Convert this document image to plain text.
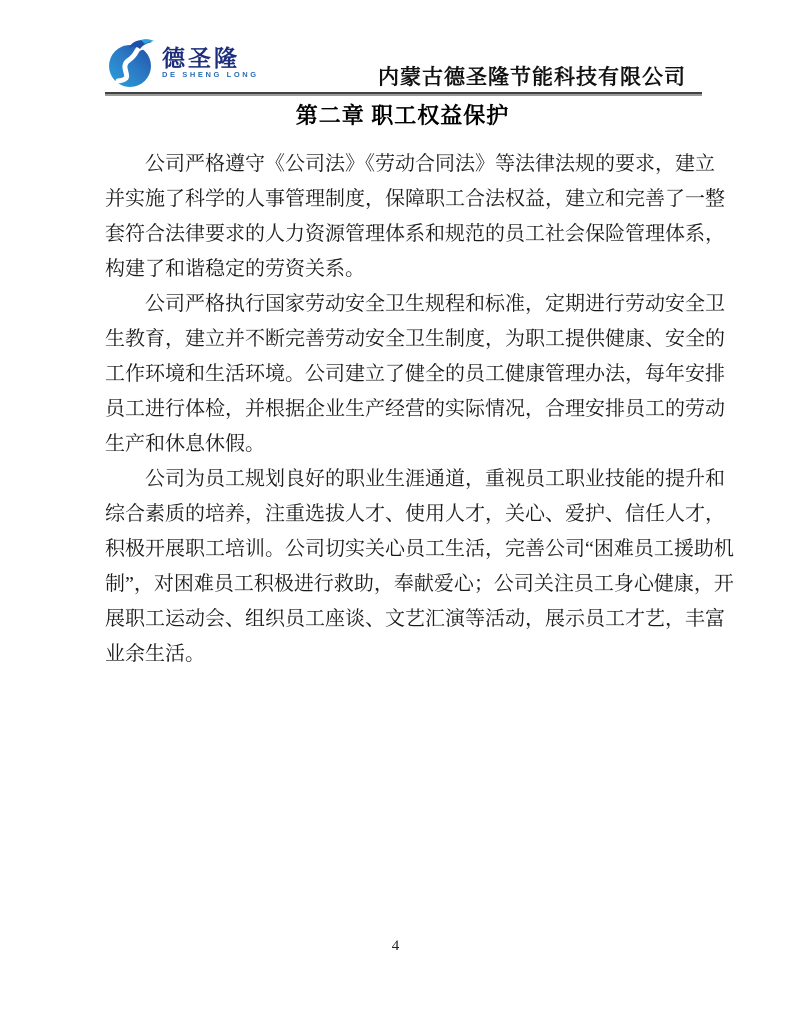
德圣隆
DE SHENG LONG	内蒙古德圣隆节能科技有限公司
第二章 职工权益保护
公司严格遵守《公司法》《劳动合同法》等法律法规的要求，建立
并实施了科学的人事管理制度，保障职工合法权益，建立和完善了一整
套符合法律要求的人力资源管理体系和规范的员工社会保险管理体系，
构建了和谐稳定的劳资关系。
公司严格执行国家劳动安全卫生规程和标准，定期进行劳动安全卫
生教育，建立并不断完善劳动安全卫生制度，为职工提供健康、安全的
工作环境和生活环境。公司建立了健全的员工健康管理办法，每年安排
员工进行体检，并根据企业生产经营的实际情况，合理安排员工的劳动
生产和休息休假。
公司为员工规划良好的职业生涯通道，重视员工职业技能的提升和
综合素质的培养，注重选拔人才、使用人才，关心、爱护、信任人才，
积极开展职工培训。公司切实关心员工生活，完善公司“困难员工援助机
制”，对困难员工积极进行救助，奉献爱心；公司关注员工身心健康，开
展职工运动会、组织员工座谈、文艺汇演等活动，展示员工才艺，丰富
业余生活。
4
